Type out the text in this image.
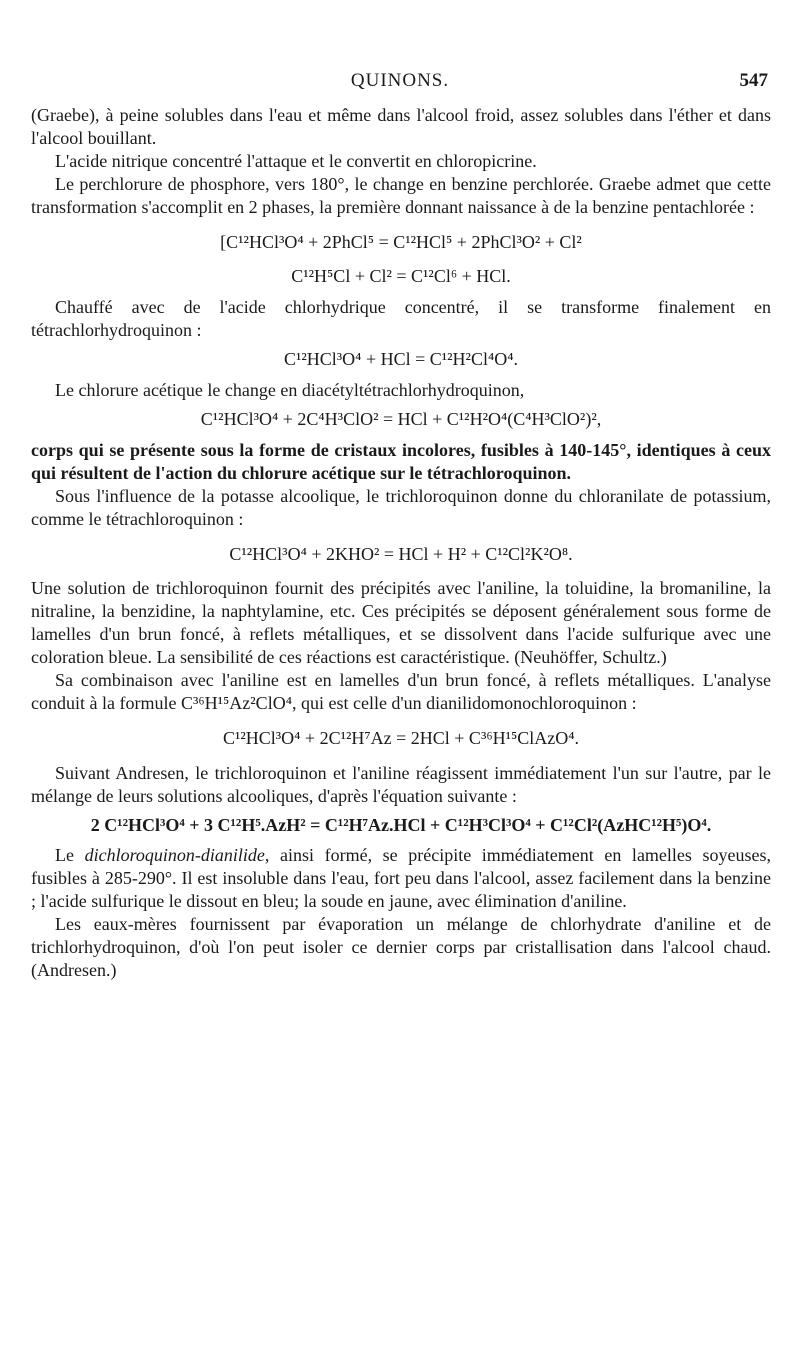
QUINONS.	547

(Graebe), à peine solubles dans l'eau et même dans l'alcool froid, assez solubles dans l'éther et dans l'alcool bouillant.

L'acide nitrique concentré l'attaque et le convertit en chloropicrine.

Le perchlorure de phosphore, vers 180°, le change en benzine perchlorée. Graebe admet que cette transformation s'accomplit en 2 phases, la première donnant naissance à de la benzine pentachlorée :

[C¹²HCl³O⁴ + 2PhCl⁵ = C¹²HCl⁵ + 2PhCl³O² + Cl²
C¹²H⁵Cl + Cl² = C¹²Cl⁶ + HCl.

Chauffé avec de l'acide chlorhydrique concentré, il se transforme finalement en tétrachlorhydroquinon :

C¹²HCl³O⁴ + HCl = C¹²H²Cl⁴O⁴.

Le chlorure acétique le change en diacétyltétrachlorhydroquinon,

C¹²HCl³O⁴ + 2C⁴H³ClO² = HCl + C¹²H²O⁴(C⁴H³ClO²)²,

corps qui se présente sous la forme de cristaux incolores, fusibles à 140-145°, identiques à ceux qui résultent de l'action du chlorure acétique sur le tétrachloroquinon.

Sous l'influence de la potasse alcoolique, le trichloroquinon donne du chloranilate de potassium, comme le tétrachloroquinon :

C¹²HCl³O⁴ + 2KHO² = HCl + H² + C¹²Cl²K²O⁸.

Une solution de trichloroquinon fournit des précipités avec l'aniline, la toluidine, la bromaniline, la nitraline, la benzidine, la naphtylamine, etc. Ces précipités se déposent généralement sous forme de lamelles d'un brun foncé, à reflets métalliques, et se dissolvent dans l'acide sulfurique avec une coloration bleue. La sensibilité de ces réactions est caractéristique. (Neuhöffer, Schultz.)

Sa combinaison avec l'aniline est en lamelles d'un brun foncé, à reflets métalliques. L'analyse conduit à la formule C³⁶H¹⁵Az²ClO⁴, qui est celle d'un dianilidomonochloroquinon :

C¹²HCl³O⁴ + 2C¹²H⁷Az = 2HCl + C³⁶H¹⁵ClAzO⁴.

Suivant Andresen, le trichloroquinon et l'aniline réagissent immédiatement l'un sur l'autre, par le mélange de leurs solutions alcooliques, d'après l'équation suivante :

2 C¹²HCl³O⁴ + 3 C¹²H⁵.AzH² = C¹²H⁷Az.HCl + C¹²H³Cl³O⁴ + C¹²Cl²(AzHC¹²H⁵)O⁴.

Le dichloroquinon-dianilide, ainsi formé, se précipite immédiatement en lamelles soyeuses, fusibles à 285-290°. Il est insoluble dans l'eau, fort peu dans l'alcool, assez facilement dans la benzine ; l'acide sulfurique le dissout en bleu; la soude en jaune, avec élimination d'aniline.

Les eaux-mères fournissent par évaporation un mélange de chlorhydrate d'aniline et de trichlorhydroquinon, d'où l'on peut isoler ce dernier corps par cristallisation dans l'alcool chaud. (Andresen.)
